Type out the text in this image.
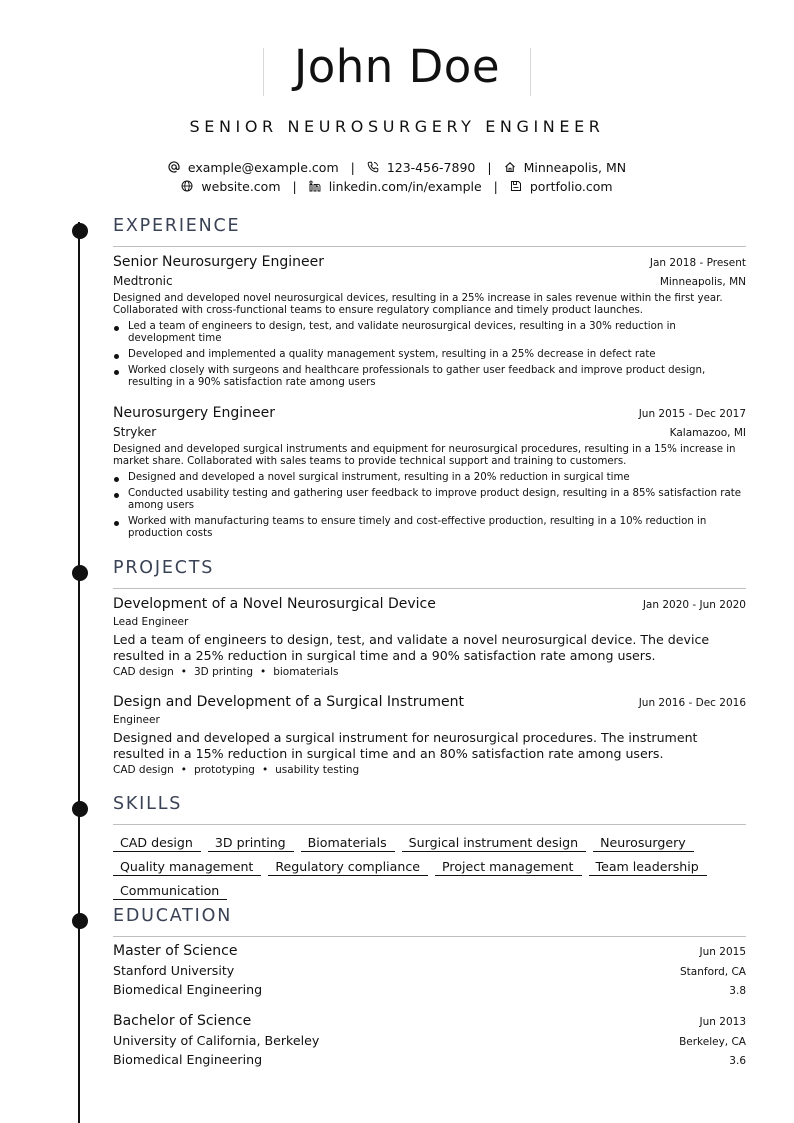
John Doe
SENIOR NEUROSURGERY ENGINEER
example@example.com |	123-456-7890 |	Minneapolis, MN
website.com |	linkedin.com/in/example |	portfolio.com
EXPERIENCE
Senior Neurosurgery Engineer	Jan 2018 - Present
Medtronic	Minneapolis, MN
Designed and developed novel neurosurgical devices, resulting in a 25% increase in sales revenue within the first year. Collaborated with cross-functional teams to ensure regulatory compliance and timely product launches.
Led a team of engineers to design, test, and validate neurosurgical devices, resulting in a 30% reduction in development time
Developed and implemented a quality management system, resulting in a 25% decrease in defect rate
Worked closely with surgeons and healthcare professionals to gather user feedback and improve product design, resulting in a 90% satisfaction rate among users
Neurosurgery Engineer	Jun 2015 - Dec 2017
Stryker	Kalamazoo, MI
Designed and developed surgical instruments and equipment for neurosurgical procedures, resulting in a 15% increase in market share. Collaborated with sales teams to provide technical support and training to customers.
Designed and developed a novel surgical instrument, resulting in a 20% reduction in surgical time
Conducted usability testing and gathering user feedback to improve product design, resulting in a 85% satisfaction rate among users
Worked with manufacturing teams to ensure timely and cost-effective production, resulting in a 10% reduction in production costs
PROJECTS
Development of a Novel Neurosurgical Device	Jan 2020 - Jun 2020
Lead Engineer
Led a team of engineers to design, test, and validate a novel neurosurgical device. The device resulted in a 25% reduction in surgical time and a 90% satisfaction rate among users.
CAD design • 3D printing • biomaterials
Design and Development of a Surgical Instrument	Jun 2016 - Dec 2016
Engineer
Designed and developed a surgical instrument for neurosurgical procedures. The instrument resulted in a 15% reduction in surgical time and an 80% satisfaction rate among users.
CAD design • prototyping • usability testing
SKILLS
CAD design 3D printing Biomaterials Surgical instrument design NeurosurgeryQuality management Regulatory compliance Project management Team leadershipCommunication
EDUCATION
Master of Science	Jun 2015
Stanford University	Stanford, CA
Biomedical Engineering	3.8
Bachelor of Science	Jun 2013
University of California, Berkeley	Berkeley, CA
Biomedical Engineering	3.6
